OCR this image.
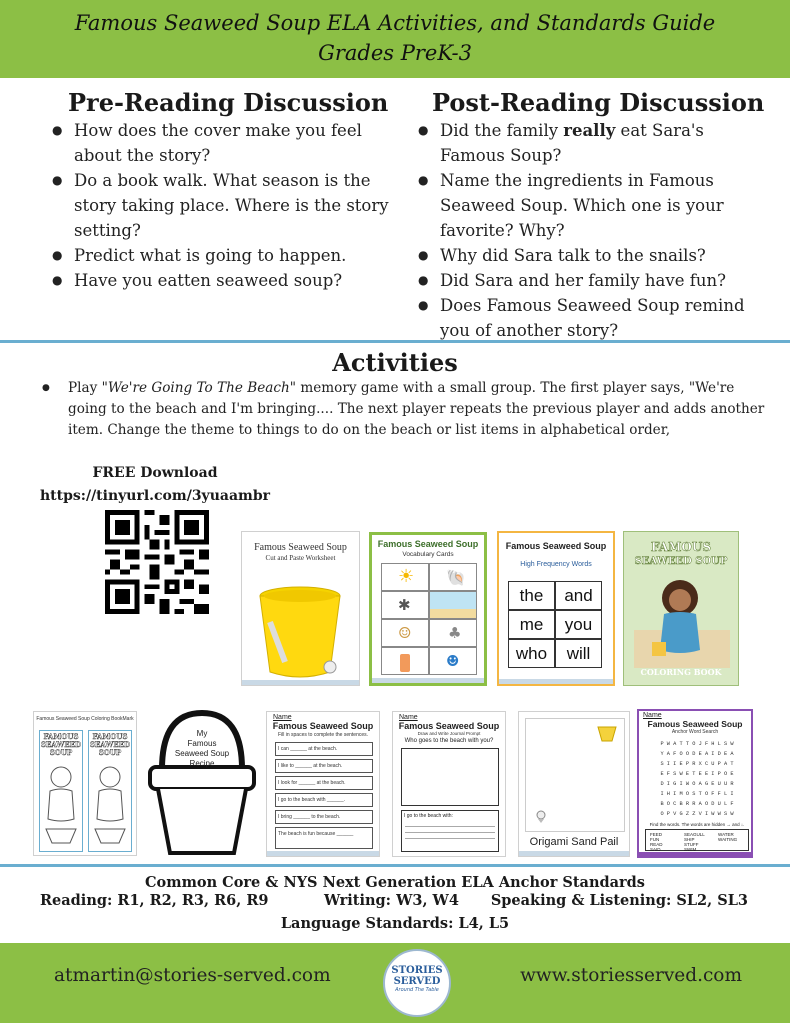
Famous Seaweed Soup ELA Activities, and Standards Guide
Grades PreK-3
Pre-Reading Discussion
● How does the cover make you feel about the story?
● Do a book walk. What season is the story taking place. Where is the story setting?
● Predict what is going to happen.
● Have you eatten seaweed soup?
Post-Reading Discussion
● Did the family really eat Sara's Famous Soup?
● Name the ingredients in Famous Seaweed Soup. Which one is your favorite? Why?
● Why did Sara talk to the snails?
● Did Sara and her family have fun?
● Does Famous Seaweed Soup remind you of another story?
Activities
● Play "We're Going To The Beach" memory game with a small group. The first player says, "We're going to the beach and I'm bringing.... The next player repeats the previous player and adds another item. Change the theme to things to do on the beach or list items in alphabetical order,
FREE Download
https://tinyurl.com/3yuaambr
Famous Seaweed Soup
Cut and Paste Worksheet
Famous Seaweed Soup
Vocabulary Cards
☀ 🐚
✱
☺ ♣
☻
Famous Seaweed Soup
High Frequency Words
the	and
me	you
who	will
FAMOUS
SEAWEED SOUP
COLORING BOOK
Famous Seaweed Soup Coloring BookMark
FAMOUS
SEAWEED
SOUP
FAMOUS
SEAWEED
SOUP
My
Famous
Seaweed Soup
Recipe
Name
Famous Seaweed Soup
Fill in spaces to complete the sentences.
I can ______ at the beach.
I like to ______ at the beach.
I look for ______ at the beach.
I go to the beach with ______.
I bring ______ to the beach.
The beach is fun because ______
Name
Famous Seaweed Soup
Draw and Write Journal Prompt
Who goes to the beach with you?
I go to the beach with:
Origami Sand Pail
Name
Famous Seaweed Soup
Anchor Word Search
P W A T T O J F H L S W
Y A F O O D E A I D E A
S I I E P R X C U P A T
E F S W E T E E I P O E
D I G I W O A G E U U R
I H I M O S T O F F L I
B O C B R R A O D U L F
O P V G Z Z V I W W S W
Find the words. The words are hidden → and ↓.
FEED
FUN
READ
SAID
SEAGULL
SHIP
STUFF
SWIM
WATER
WAITING
Common Core & NYS Next Generation ELA Anchor Standards
Reading: R1, R2, R3, R6, R9	Writing: W3, W4 Speaking & Listening: SL2, SL3
Language Standards: L4, L5
atmartin@stories-served.com	STORIES
SERVED
Around The Table
www.storiesserved.com
